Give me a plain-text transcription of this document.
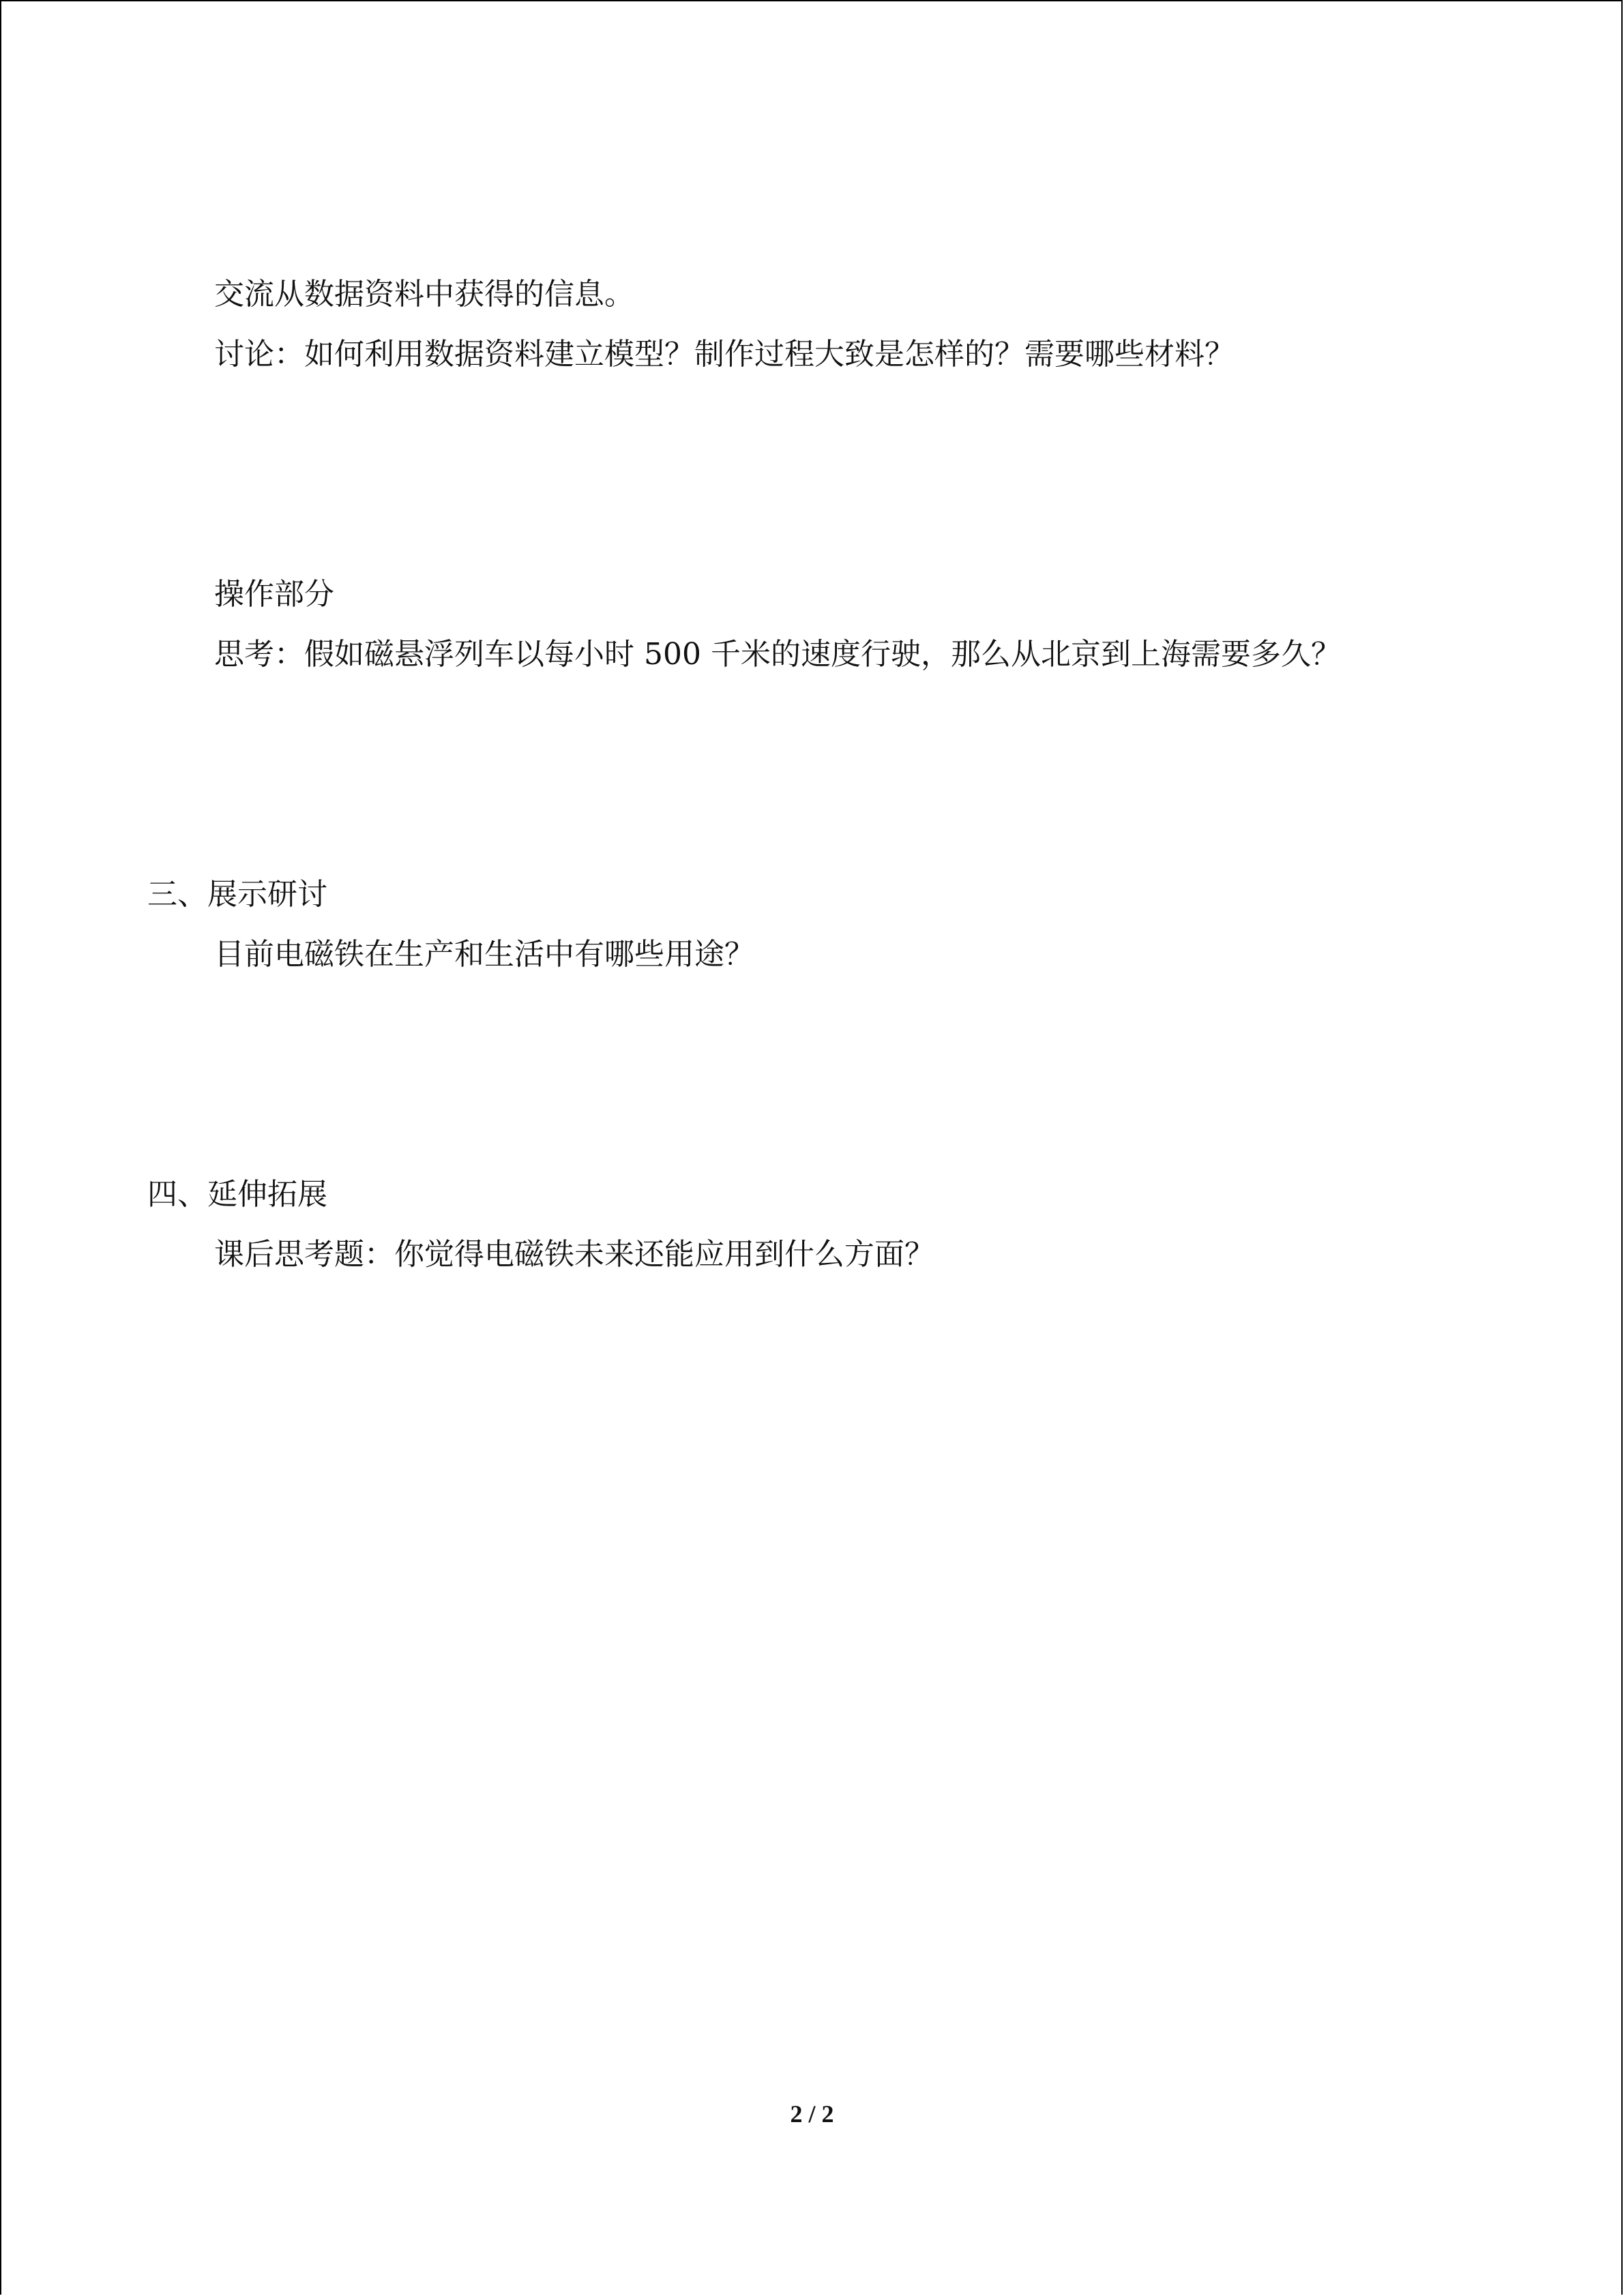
交流从数据资料中获得的信息。
讨论：如何利用数据资料建立模型？制作过程大致是怎样的？需要哪些材料？
操作部分
思考：假如磁悬浮列车以每小时 500 千米的速度行驶，那么从北京到上海需要多久？
三、展示研讨
目前电磁铁在生产和生活中有哪些用途？
四、延伸拓展
课后思考题：你觉得电磁铁未来还能应用到什么方面？
2 / 2
